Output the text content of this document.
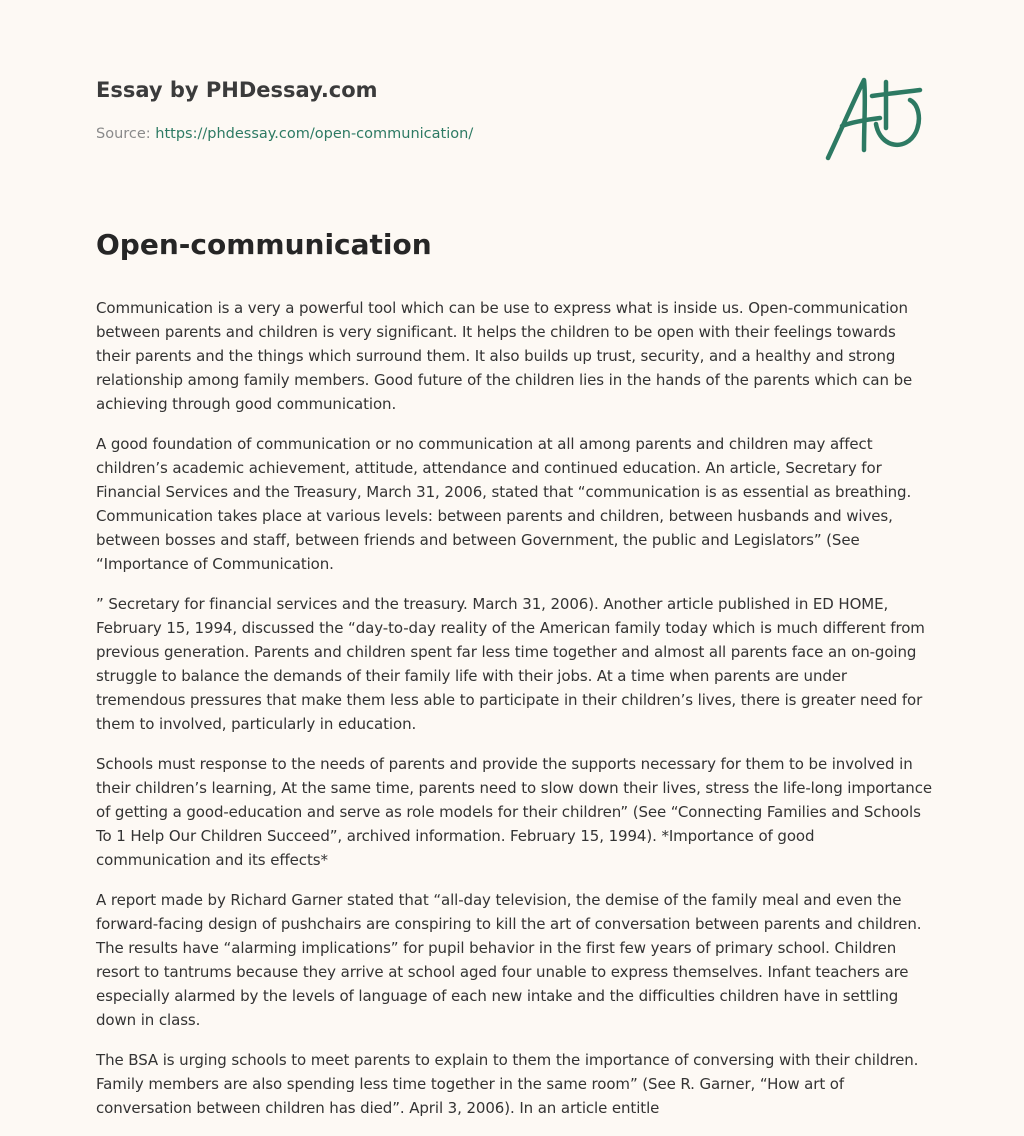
Essay by PHDessay.com
Source: https://phdessay.com/open-communication/
Open-communication

Communication is a very a powerful tool which can be use to express what is inside us. Open-communication between parents and children is very significant. It helps the children to be open with their feelings towards their parents and the things which surround them. It also builds up trust, security, and a healthy and strong relationship among family members. Good future of the children lies in the hands of the parents which can be achieving through good communication.

A good foundation of communication or no communication at all among parents and children may affect children’s academic achievement, attitude, attendance and continued education. An article, Secretary for Financial Services and the Treasury, March 31, 2006, stated that “communication is as essential as breathing. Communication takes place at various levels: between parents and children, between husbands and wives, between bosses and staff, between friends and between Government, the public and Legislators” (See “Importance of Communication.

” Secretary for financial services and the treasury. March 31, 2006). Another article published in ED HOME, February 15, 1994, discussed the “day-to-day reality of the American family today which is much different from previous generation. Parents and children spent far less time together and almost all parents face an on-going struggle to balance the demands of their family life with their jobs. At a time when parents are under tremendous pressures that make them less able to participate in their children’s lives, there is greater need for them to involved, particularly in education.

Schools must response to the needs of parents and provide the supports necessary for them to be involved in their children’s learning, At the same time, parents need to slow down their lives, stress the life-long importance of getting a good-education and serve as role models for their children” (See “Connecting Families and Schools To 1 Help Our Children Succeed”, archived information. February 15, 1994). *Importance of good communication and its effects*

A report made by Richard Garner stated that “all-day television, the demise of the family meal and even the forward-facing design of pushchairs are conspiring to kill the art of conversation between parents and children. The results have “alarming implications” for pupil behavior in the first few years of primary school. Children resort to tantrums because they arrive at school aged four unable to express themselves. Infant teachers are especially alarmed by the levels of language of each new intake and the difficulties children have in settling down in class.

The BSA is urging schools to meet parents to explain to them the importance of conversing with their children. Family members are also spending less time together in the same room” (See R. Garner, “How art of conversation between children has died”. April 3, 2006). In an article entitle
